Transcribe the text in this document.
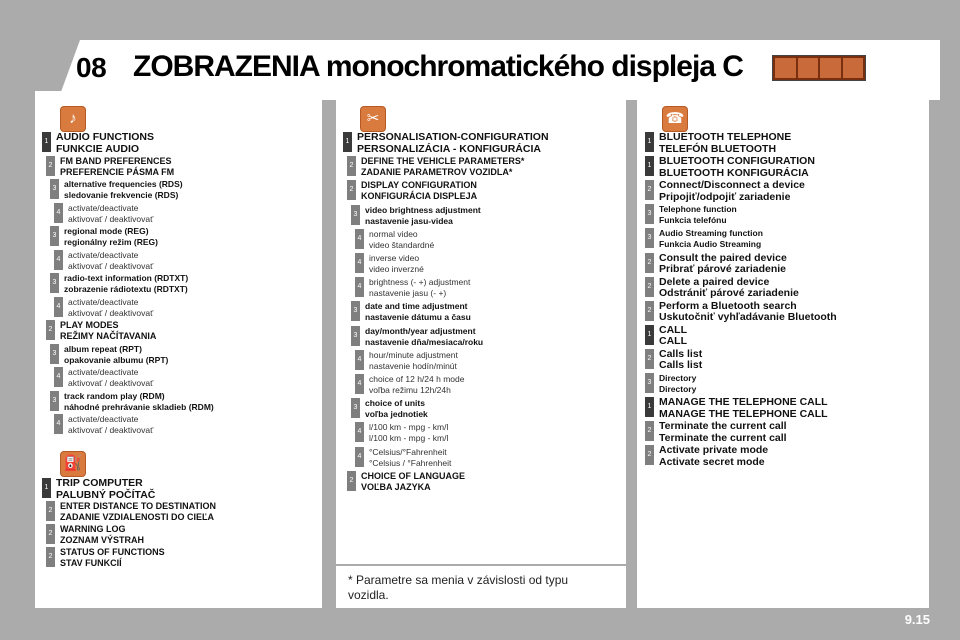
08 ZOBRAZENIA monochromatického displeja C
♪
⛽
✂	☎
1 AUDIO FUNCTIONS
FUNKCIE AUDIO
2 FM BAND PREFERENCES
PREFERENCIE PÁSMA FM
3 alternative frequencies (RDS)
sledovanie frekvencie (RDS)
4 activate/deactivate
aktivovať / deaktivovať
3 regional mode (REG)
regionálny režim (REG)
4 activate/deactivate
aktivovať / deaktivovať
3 radio-text information (RDTXT)
zobrazenie rádiotextu (RDTXT)
4 activate/deactivate
aktivovať / deaktivovať
2 PLAY MODES
REŽIMY NAČÍTAVANIA
3 album repeat (RPT)
opakovanie albumu (RPT)
4 activate/deactivate
aktivovať / deaktivovať
3 track random play (RDM)
náhodné prehrávanie skladieb (RDM)
4 activate/deactivate
aktivovať / deaktivovať
1 TRIP COMPUTER
PALUBNÝ POČÍTAČ
2 ENTER DISTANCE TO DESTINATION
ZADANIE VZDIALENOSTI DO CIEĽA
2 WARNING LOG
ZOZNAM VÝSTRAH
2 STATUS OF FUNCTIONS
STAV FUNKCIÍ
1 PERSONALISATION-CONFIGURATION
PERSONALIZÁCIA - KONFIGURÁCIA
2 DEFINE THE VEHICLE PARAMETERS*
ZADANIE PARAMETROV VOZIDLA*
2 DISPLAY CONFIGURATION
KONFIGURÁCIA DISPLEJA
3 video brightness adjustment
nastavenie jasu-videa
4 normal video
video štandardné
4 inverse video
video inverzné
4 brightness (- +) adjustment
nastavenie jasu (- +)
3 date and time adjustment
nastavenie dátumu a času
3 day/month/year adjustment
nastavenie dňa/mesiaca/roku
4 hour/minute adjustment
nastavenie hodín/minút
4 choice of 12 h/24 h mode
voľba režimu 12h/24h
3 choice of units
voľba jednotiek
4 l/100 km - mpg - km/l
l/100 km - mpg - km/l
4 °Celsius/°Fahrenheit
°Celsius / °Fahrenheit
2 CHOICE OF LANGUAGE
VOĽBA JAZYKA
1 BLUETOOTH TELEPHONE
TELEFÓN BLUETOOTH
1 BLUETOOTH CONFIGURATION
BLUETOOTH KONFIGURÁCIA
2 Connect/Disconnect a device
Pripojiť/odpojiť zariadenie
3 Telephone function
Funkcia telefónu
3 Audio Streaming function
Funkcia Audio Streaming
2 Consult the paired device
Pribrať párové zariadenie
2 Delete a paired device
Odstrániť párové zariadenie
2 Perform a Bluetooth search
Uskutočniť vyhľadávanie Bluetooth
1 CALL
CALL
2 Calls list
Calls list
3 Directory
Directory
1 MANAGE THE TELEPHONE CALL
MANAGE THE TELEPHONE CALL
2 Terminate the current call
Terminate the current call
2 Activate private mode
Activate secret mode
* Parametre sa menia v závislosti od typu vozidla.
9.15
